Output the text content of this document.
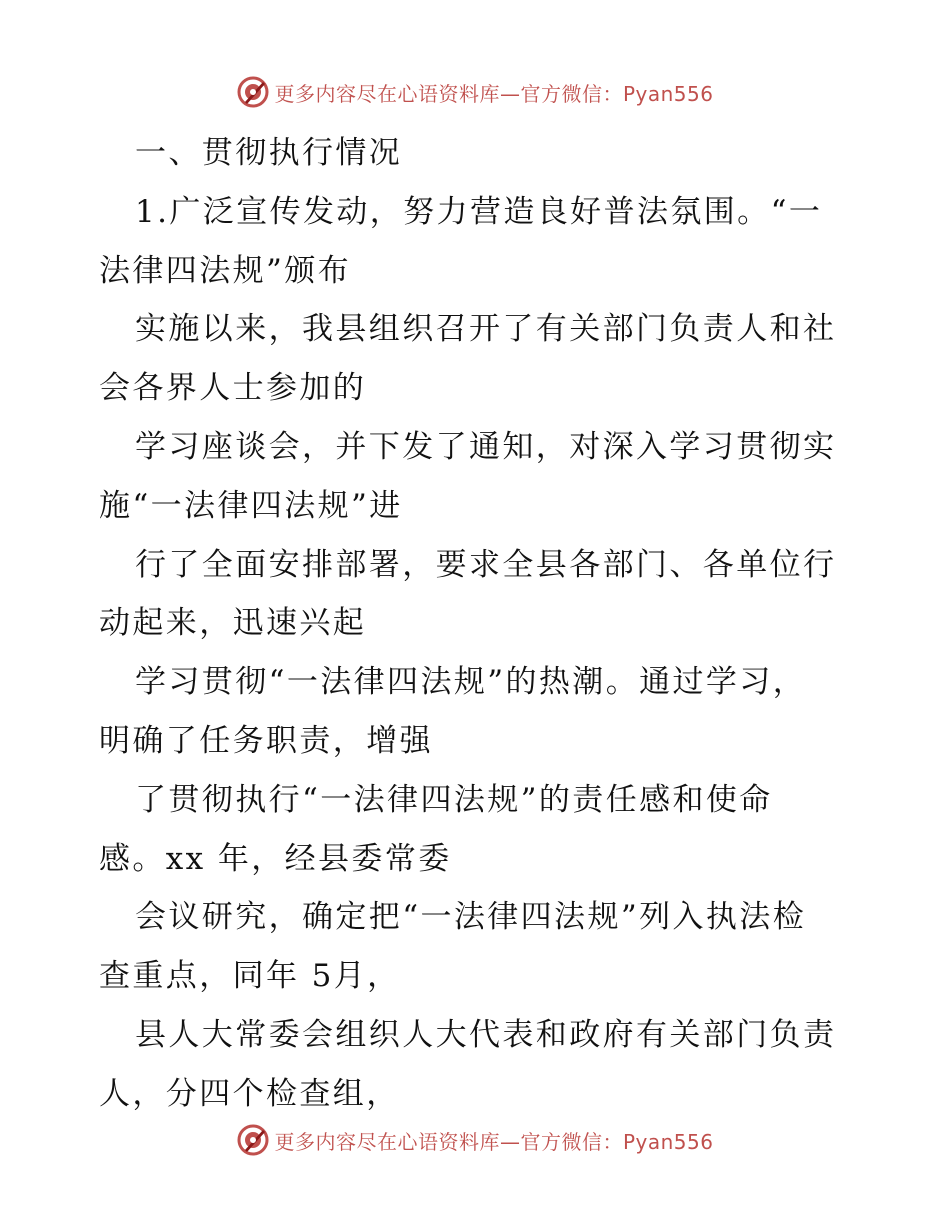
更多内容尽在心语资料库—官方微信：Pyan556
一、贯彻执行情况
1.广泛宣传发动，努力营造良好普法氛围。“一
法律四法规”颁布
实施以来，我县组织召开了有关部门负责人和社
会各界人士参加的
学习座谈会，并下发了通知，对深入学习贯彻实
施“一法律四法规”进
行了全面安排部署，要求全县各部门、各单位行
动起来，迅速兴起
学习贯彻“一法律四法规”的热潮。通过学习，
明确了任务职责，增强
了贯彻执行“一法律四法规”的责任感和使命
感。xx 年，经县委常委
会议研究，确定把“一法律四法规”列入执法检
查重点，同年 5月，
县人大常委会组织人大代表和政府有关部门负责
人，分四个检查组，
更多内容尽在心语资料库—官方微信：Pyan556
